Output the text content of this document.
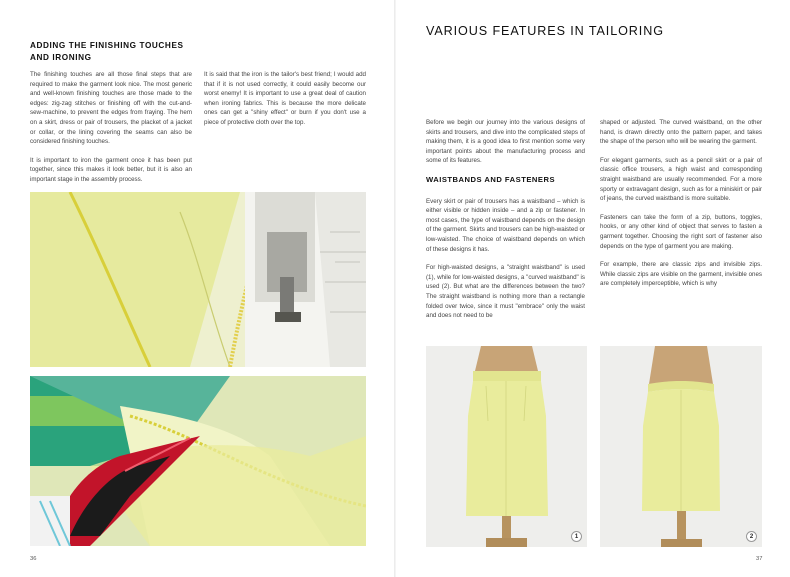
ADDING THE FINISHING TOUCHES AND IRONING

The finishing touches are all those final steps that are required to make the garment look nice. The most generic and well-known finishing touches are those made to the edges: zig-zag stitches or finishing off with the cut-and-sew-machine, to prevent the edges from fraying. The hem on a skirt, dress or pair of trousers, the placket of a jacket or collar, or the lining covering the seams can also be considered finishing touches.

It is important to iron the garment once it has been put together, since this makes it look better, but it is also an important stage in the assembly process.

It is said that the iron is the tailor's best friend; I would add that if it is not used correctly, it could easily become our worst enemy! It is important to use a great deal of caution when ironing fabrics. This is because the more delicate ones can get a "shiny effect" or burn if you don't use a piece of protective cloth over the top.

36
VARIOUS FEATURES IN TAILORING

Before we begin our journey into the various designs of skirts and trousers, and dive into the complicated steps of making them, it is a good idea to first mention some very important points about the manufacturing process and some of its features.

WAISTBANDS AND FASTENERS

Every skirt or pair of trousers has a waistband – which is either visible or hidden inside – and a zip or fastener. In most cases, the type of waistband depends on the design of the garment. Skirts and trousers can be high-waisted or low-waisted. The choice of waistband depends on which of these designs it has.

For high-waisted designs, a "straight waistband" is used (1), while for low-waisted designs, a "curved waistband" is used (2). But what are the differences between the two? The straight waistband is nothing more than a rectangle folded over twice, since it must "embrace" only the waist and does not need to be

shaped or adjusted. The curved waistband, on the other hand, is drawn directly onto the pattern paper, and takes the shape of the person who will be wearing the garment.

For elegant garments, such as a pencil skirt or a pair of classic office trousers, a high waist and corresponding straight waistband are usually recommended. For a more sporty or extravagant design, such as for a miniskirt or pair of jeans, the curved waistband is more suitable.

Fasteners can take the form of a zip, buttons, toggles, hooks, or any other kind of object that serves to fasten a garment together. Choosing the right sort of fastener also depends on the type of garment you are making.

For example, there are classic zips and invisible zips. While classic zips are visible on the garment, invisible ones are completely imperceptible, which is why

1	2
37
